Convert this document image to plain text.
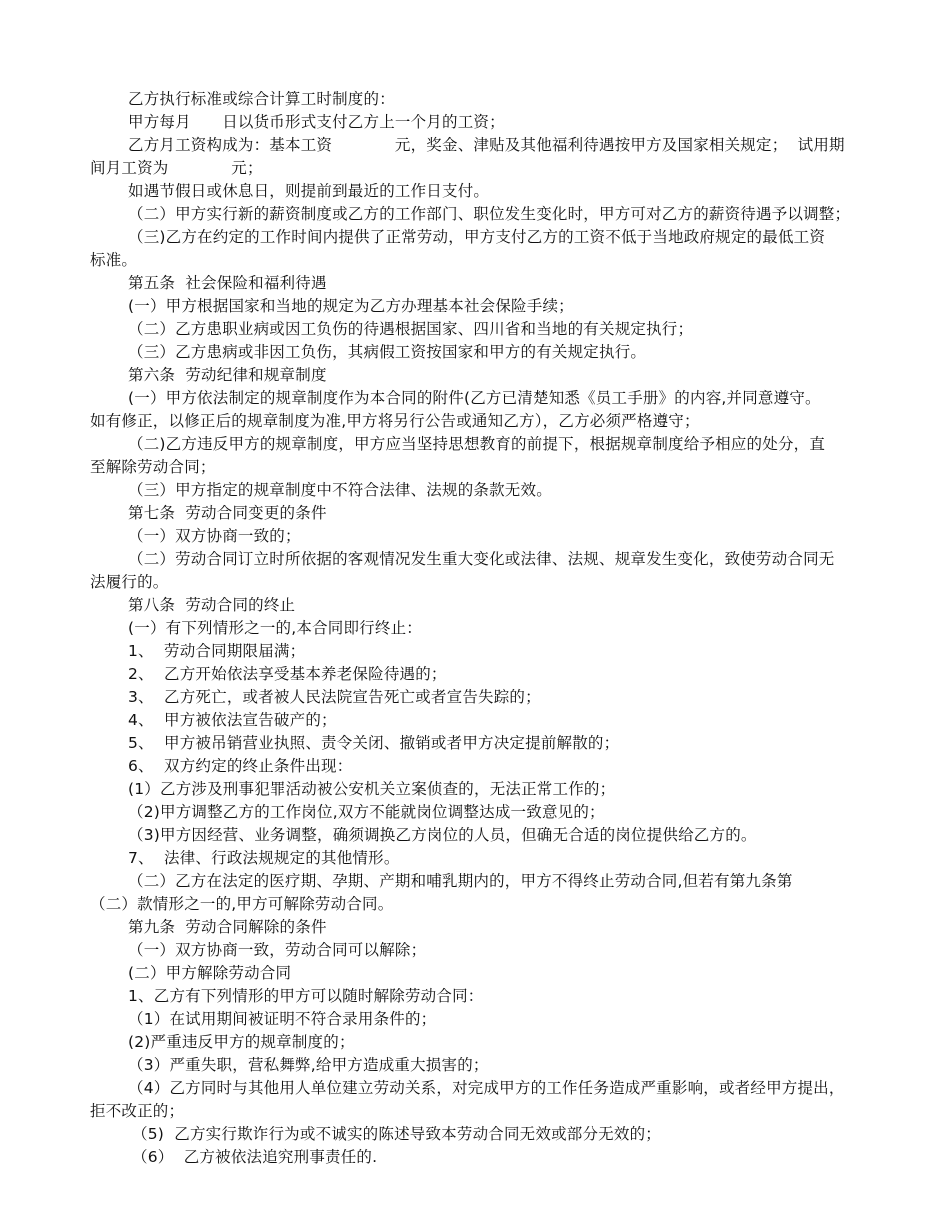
乙方执行标准或综合计算工时制度的：
甲方每月　　日以货币形式支付乙方上一个月的工资；
乙方月工资构成为：基本工资　　　　元，奖金、津贴及其他福利待遇按甲方及国家相关规定；  试用期
间月工资为　　　　元；
如遇节假日或休息日，则提前到最近的工作日支付。
（二）甲方实行新的薪资制度或乙方的工作部门、职位发生变化时，甲方可对乙方的薪资待遇予以调整；
（三)乙方在约定的工作时间内提供了正常劳动，甲方支付乙方的工资不低于当地政府规定的最低工资
标准。
第五条  社会保险和福利待遇
(一）甲方根据国家和当地的规定为乙方办理基本社会保险手续；
（二）乙方患职业病或因工负伤的待遇根据国家、四川省和当地的有关规定执行；
（三）乙方患病或非因工负伤，其病假工资按国家和甲方的有关规定执行。
第六条  劳动纪律和规章制度
(一）甲方依法制定的规章制度作为本合同的附件(乙方已清楚知悉《员工手册》的内容,并同意遵守。
如有修正，以修正后的规章制度为准,甲方将另行公告或通知乙方），乙方必须严格遵守；
（二)乙方违反甲方的规章制度，甲方应当坚持思想教育的前提下，根据规章制度给予相应的处分，直
至解除劳动合同；
（三）甲方指定的规章制度中不符合法律、法规的条款无效。
第七条  劳动合同变更的条件
（一）双方协商一致的；
（二）劳动合同订立时所依据的客观情况发生重大变化或法律、法规、规章发生变化，致使劳动合同无
法履行的。
第八条  劳动合同的终止
(一）有下列情形之一的,本合同即行终止：
1、  劳动合同期限届满；
2、  乙方开始依法享受基本养老保险待遇的；
3、  乙方死亡，或者被人民法院宣告死亡或者宣告失踪的；
4、  甲方被依法宣告破产的；
5、  甲方被吊销营业执照、责令关闭、撤销或者甲方决定提前解散的；
6、  双方约定的终止条件出现：
(1）乙方涉及刑事犯罪活动被公安机关立案侦查的，无法正常工作的；
（2)甲方调整乙方的工作岗位,双方不能就岗位调整达成一致意见的；
（3)甲方因经营、业务调整，确须调换乙方岗位的人员，但确无合适的岗位提供给乙方的。
7、  法律、行政法规规定的其他情形。
（二）乙方在法定的医疗期、孕期、产期和哺乳期内的，甲方不得终止劳动合同,但若有第九条第
（二）款情形之一的,甲方可解除劳动合同。
第九条  劳动合同解除的条件
（一）双方协商一致，劳动合同可以解除；
(二）甲方解除劳动合同
1、乙方有下列情形的甲方可以随时解除劳动合同：
（1）在试用期间被证明不符合录用条件的；
(2)严重违反甲方的规章制度的；
（3）严重失职，营私舞弊,给甲方造成重大损害的；
（4）乙方同时与其他用人单位建立劳动关系，对完成甲方的工作任务造成严重影响，或者经甲方提出，
拒不改正的；
（5)  乙方实行欺诈行为或不诚实的陈述导致本劳动合同无效或部分无效的；
（6）  乙方被依法追究刑事责任的.
